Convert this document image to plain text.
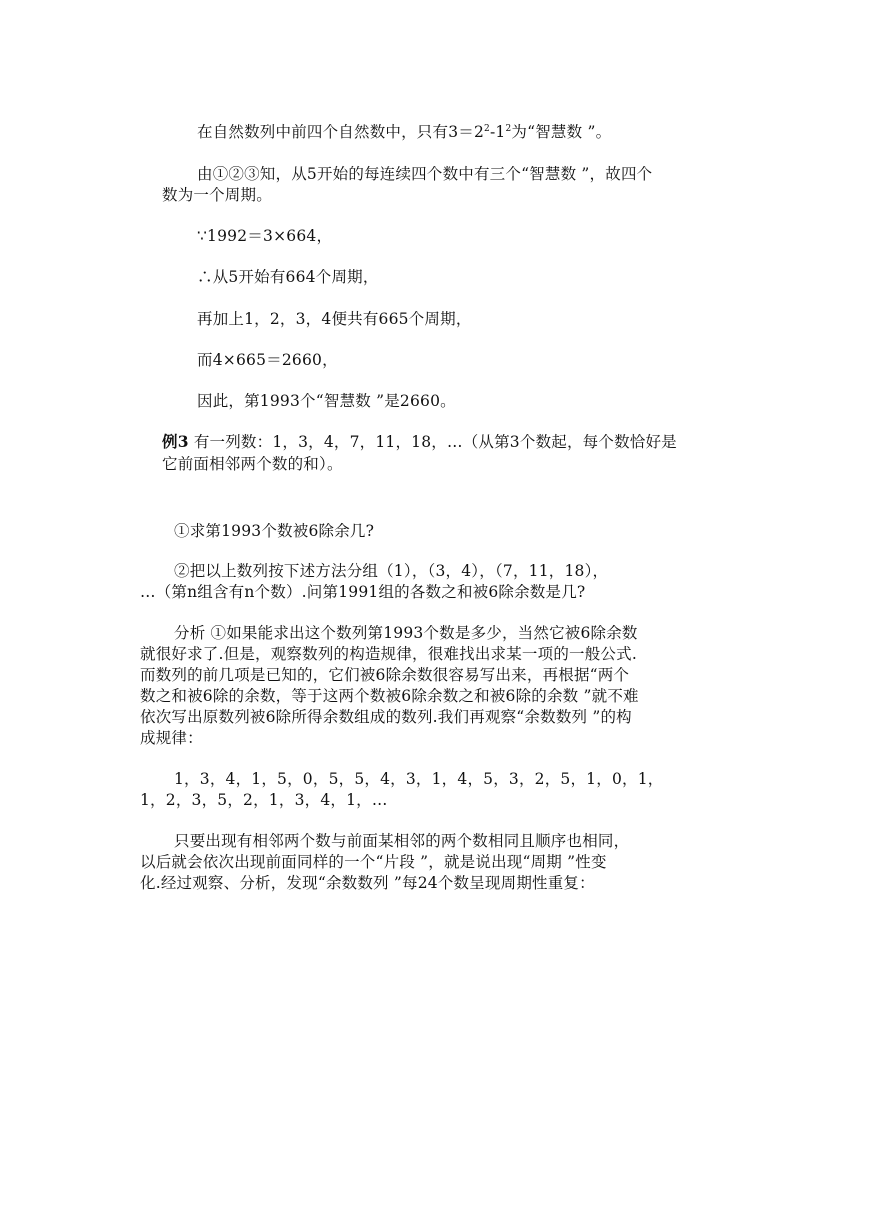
在自然数列中前四个自然数中，只有$3=2^2-1^2$为“智慧数 ”。
由①②③知，从5开始的每连续四个数中有三个“智慧数 ”，故四个
数为一个周期。
∵1992＝3×664，
∴从5开始有664个周期，
再加上1，2，3，4便共有665个周期，
而4×665＝2660，
因此，第1993个“智慧数 ”是2660。
例3 有一列数：1，3，4，7，11，18，…（从第3个数起，每个数恰好是
它前面相邻两个数的和）。
①求第1993个数被6除余几?
②把以上数列按下述方法分组（1），（3，4），（7，11，18），
…（第n组含有n个数）.问第1991组的各数之和被6除余数是几?
分析 ①如果能求出这个数列第1993个数是多少，当然它被6除余数
就很好求了.但是，观察数列的构造规律，很难找出求某一项的一般公式.
而数列的前几项是已知的，它们被6除余数很容易写出来，再根据“两个
数之和被6除的余数，等于这两个数被6除余数之和被6除的余数 ”就不难
依次写出原数列被6除所得余数组成的数列.我们再观察“余数数列 ”的构
成规律：
1，3，4，1，5，0，5，5，4，3，1，4，5，3，2，5，1，0，1，
1，2，3，5，2，1，3，4，1，…
只要出现有相邻两个数与前面某相邻的两个数相同且顺序也相同，
以后就会依次出现前面同样的一个“片段 ”，就是说出现“周期 ”性变
化.经过观察、分析，发现“余数数列 ”每24个数呈现周期性重复：
